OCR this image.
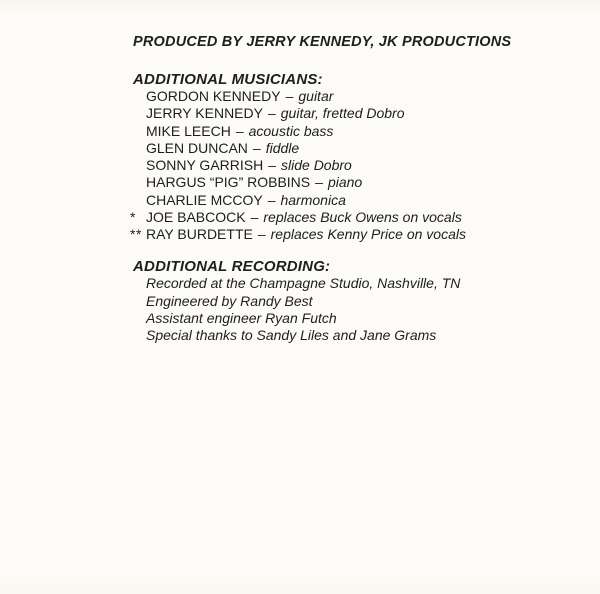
PRODUCED BY JERRY KENNEDY, JK PRODUCTIONS
ADDITIONAL MUSICIANS:
GORDON KENNEDY – guitar
JERRY KENNEDY – guitar, fretted Dobro
MIKE LEECH – acoustic bass
GLEN DUNCAN – fiddle
SONNY GARRISH – slide Dobro
HARGUS “PIG” ROBBINS – piano
CHARLIE MCCOY – harmonica
* JOE BABCOCK – replaces Buck Owens on vocals
** RAY BURDETTE – replaces Kenny Price on vocals
ADDITIONAL RECORDING:
Recorded at the Champagne Studio, Nashville, TN
Engineered by Randy Best
Assistant engineer Ryan Futch
Special thanks to Sandy Liles and Jane Grams
